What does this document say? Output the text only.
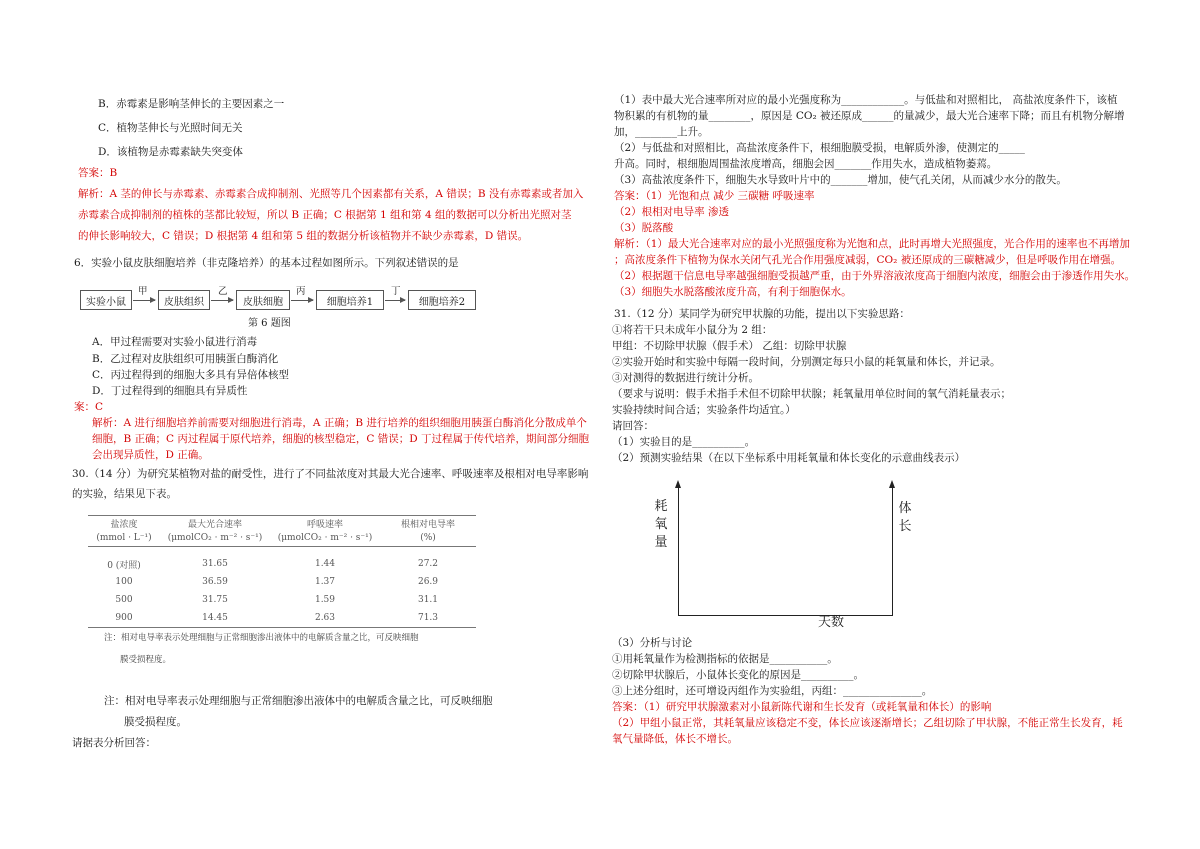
B．赤霉素是影响茎伸长的主要因素之一
C．植物茎伸长与光照时间无关
D．该植物是赤霉素缺失突变体
答案：B
解析：A 茎的伸长与赤霉素、赤霉素合成抑制剂、光照等几个因素都有关系，A 错误；B 没有赤霉素或者加入
赤霉素合成抑制剂的植株的茎都比较短，所以 B 正确；C 根据第 1 组和第 4 组的数据可以分析出光照对茎
的伸长影响较大，C 错误；D 根据第 4 组和第 5 组的数据分析该植物并不缺少赤霉素，D 错误。
6．实验小鼠皮肤细胞培养（非克隆培养）的基本过程如图所示。下列叙述错误的是
实验小鼠
甲
皮肤组织
乙
皮肤细胞
丙
细胞培养1
丁
细胞培养2
第 6 题图
A．甲过程需要对实验小鼠进行消毒
B．乙过程对皮肤组织可用胰蛋白酶消化
C．丙过程得到的细胞大多具有异倍体核型
D．丁过程得到的细胞具有异质性
案：C
解析：A 进行细胞培养前需要对细胞进行消毒，A 正确；B 进行培养的组织细胞用胰蛋白酶消化分散成单个
细胞，B 正确；C 丙过程属于原代培养，细胞的核型稳定，C 错误；D 丁过程属于传代培养，期间部分细胞
会出现异质性，D 正确。
30.（14 分）为研究某植物对盐的耐受性，进行了不同盐浓度对其最大光合速率、呼吸速率及根相对电导率影响
的实验，结果见下表。
盐浓度	最大光合速率	呼吸速率	根相对电导率
(mmol · L⁻¹)	(μmolCO₂ · m⁻² · s⁻¹)	(μmolCO₂ · m⁻² · s⁻¹)	(%)

0 (对照)	31.65	1.44	27.2
100	36.59	1.37	26.9
500	31.75	1.59	31.1
900	14.45	2.63	71.3
注：相对电导率表示处理细胞与正常细胞渗出液体中的电解质含量之比，可反映细胞
膜受损程度。
注：相对电导率表示处理细胞与正常细胞渗出液体中的电解质含量之比，可反映细胞
膜受损程度。
请据表分析回答：
（1）表中最大光合速率所对应的最小光强度称为____________。与低盐和对照相比， 高盐浓度条件下，该植
物积累的有机物的量________，原因是 CO₂ 被还原成______的量减少，最大光合速率下降；而且有机物分解增
加，________上升。
（2）与低盐和对照相比，高盐浓度条件下，根细胞膜受损，电解质外渗，使测定的_____
升高。同时，根细胞周围盐浓度增高，细胞会因_______作用失水，造成植物萎蔫。
（3）高盐浓度条件下，细胞失水导致叶片中的_______增加，使气孔关闭，从而减少水分的散失。
答案：（1）光饱和点 减少 三碳糖 呼吸速率
（2）根相对电导率 渗透
（3）脱落酸
解析：（1）最大光合速率对应的最小光照强度称为光饱和点，此时再增大光照强度，光合作用的速率也不再增加
；高浓度条件下植物为保水关闭气孔光合作用强度减弱，CO₂ 被还原成的三碳糖减少，但是呼吸作用在增强。
（2）根据题干信息电导率越强细胞受损越严重，由于外界溶液浓度高于细胞内浓度，细胞会由于渗透作用失水。
（3）细胞失水脱落酸浓度升高，有利于细胞保水。
31.（12 分）某同学为研究甲状腺的功能，提出以下实验思路：
①将若干只未成年小鼠分为 2 组：
甲组：不切除甲状腺（假手术） 乙组：切除甲状腺
②实验开始时和实验中每隔一段时间，分别测定每只小鼠的耗氧量和体长，并记录。
③对测得的数据进行统计分析。
（要求与说明：假手术指手术但不切除甲状腺；耗氧量用单位时间的氧气消耗量表示；
实验持续时间合适；实验条件均适宜。）
请回答：
（1）实验目的是__________。
（2）预测实验结果（在以下坐标系中用耗氧量和体长变化的示意曲线表示）
耗
氧
量
体
长
天数
（3）分析与讨论
①用耗氧量作为检测指标的依据是___________。
②切除甲状腺后，小鼠体长变化的原因是__________。
③上述分组时，还可增设丙组作为实验组，丙组：_______________。
答案：（1）研究甲状腺激素对小鼠新陈代谢和生长发育（或耗氧量和体长）的影响
（2）甲组小鼠正常，其耗氧量应该稳定不变，体长应该逐渐增长；乙组切除了甲状腺，不能正常生长发育，耗
氧气量降低，体长不增长。
